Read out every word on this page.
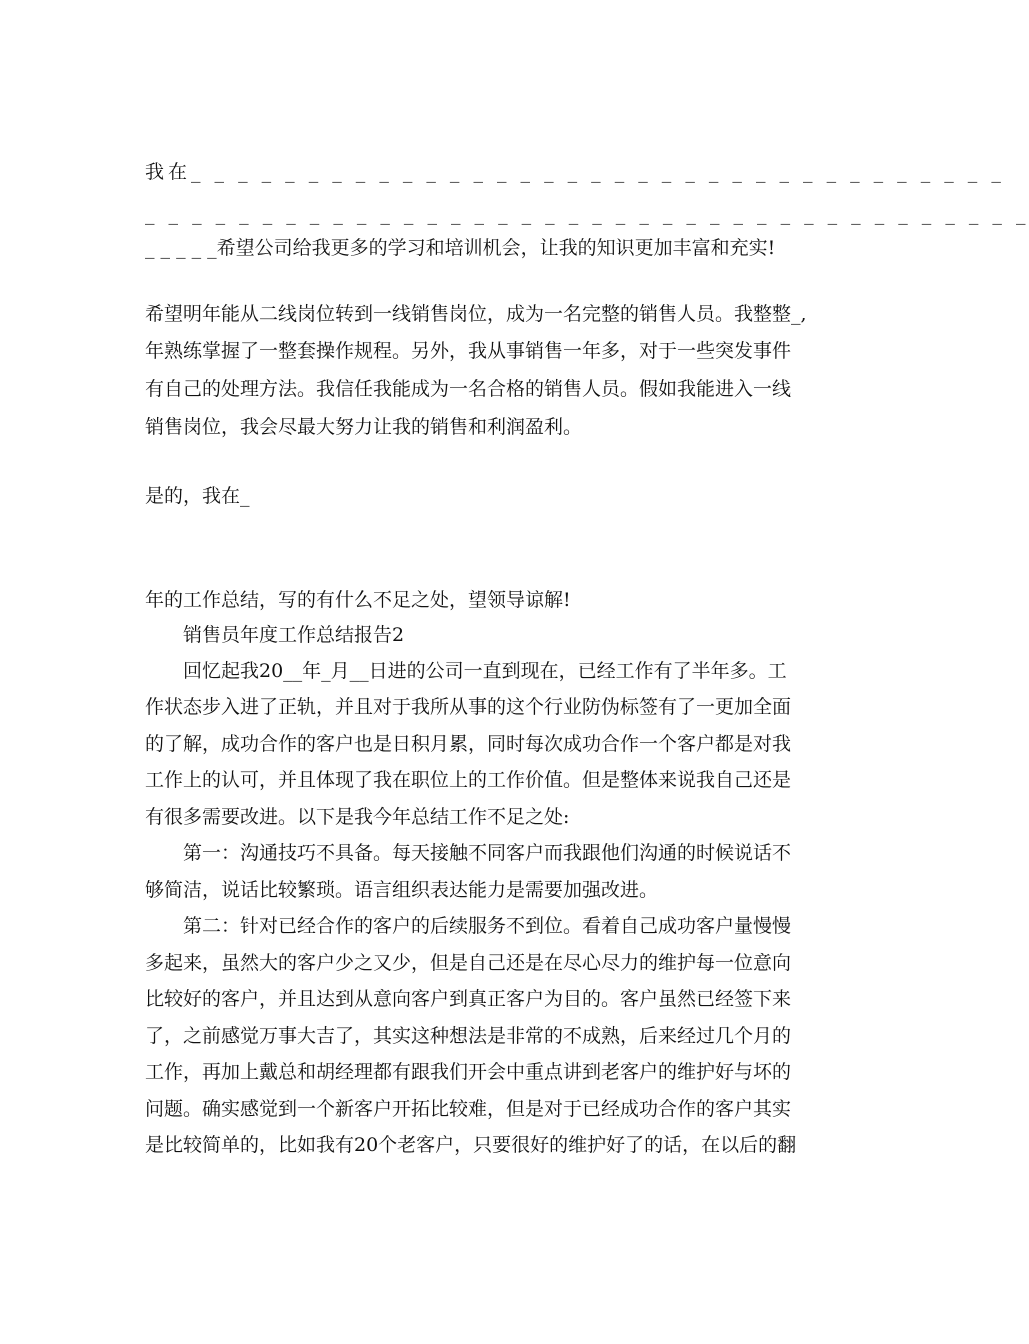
我在_ _ _ _ _ _ _ _ _ _ _ _ _ _ _ _ _ _ _ _ _ _ _ _ _ _ _ _ _ _ _ _ _ _ _
_ _ _ _ _ _ _ _ _ _ _ _ _ _ _ _ _ _ _ _ _ _ _ _ _ _ _ _ _ _ _ _ _ _ _ _ _ _
_ _ _ _ _希望公司给我更多的学习和培训机会，让我的知识更加丰富和充实!
希望明年能从二线岗位转到一线销售岗位，成为一名完整的销售人员。我整整_,
年熟练掌握了一整套操作规程。另外，我从事销售一年多，对于一些突发事件
有自己的处理方法。我信任我能成为一名合格的销售人员。假如我能进入一线
销售岗位，我会尽最大努力让我的销售和利润盈利。
是的，我在_
年的工作总结，写的有什么不足之处，望领导谅解!
销售员年度工作总结报告2
回忆起我20__年_月__日进的公司一直到现在，已经工作有了半年多。工
作状态步入进了正轨，并且对于我所从事的这个行业防伪标签有了一更加全面
的了解，成功合作的客户也是日积月累，同时每次成功合作一个客户都是对我
工作上的认可，并且体现了我在职位上的工作价值。但是整体来说我自己还是
有很多需要改进。以下是我今年总结工作不足之处:
第一：沟通技巧不具备。每天接触不同客户而我跟他们沟通的时候说话不
够简洁，说话比较繁琐。语言组织表达能力是需要加强改进。
第二：针对已经合作的客户的后续服务不到位。看着自己成功客户量慢慢
多起来，虽然大的客户少之又少，但是自己还是在尽心尽力的维护每一位意向
比较好的客户，并且达到从意向客户到真正客户为目的。客户虽然已经签下来
了，之前感觉万事大吉了，其实这种想法是非常的不成熟，后来经过几个月的
工作，再加上戴总和胡经理都有跟我们开会中重点讲到老客户的维护好与坏的
问题。确实感觉到一个新客户开拓比较难，但是对于已经成功合作的客户其实
是比较简单的，比如我有20个老客户，只要很好的维护好了的话，在以后的翻
